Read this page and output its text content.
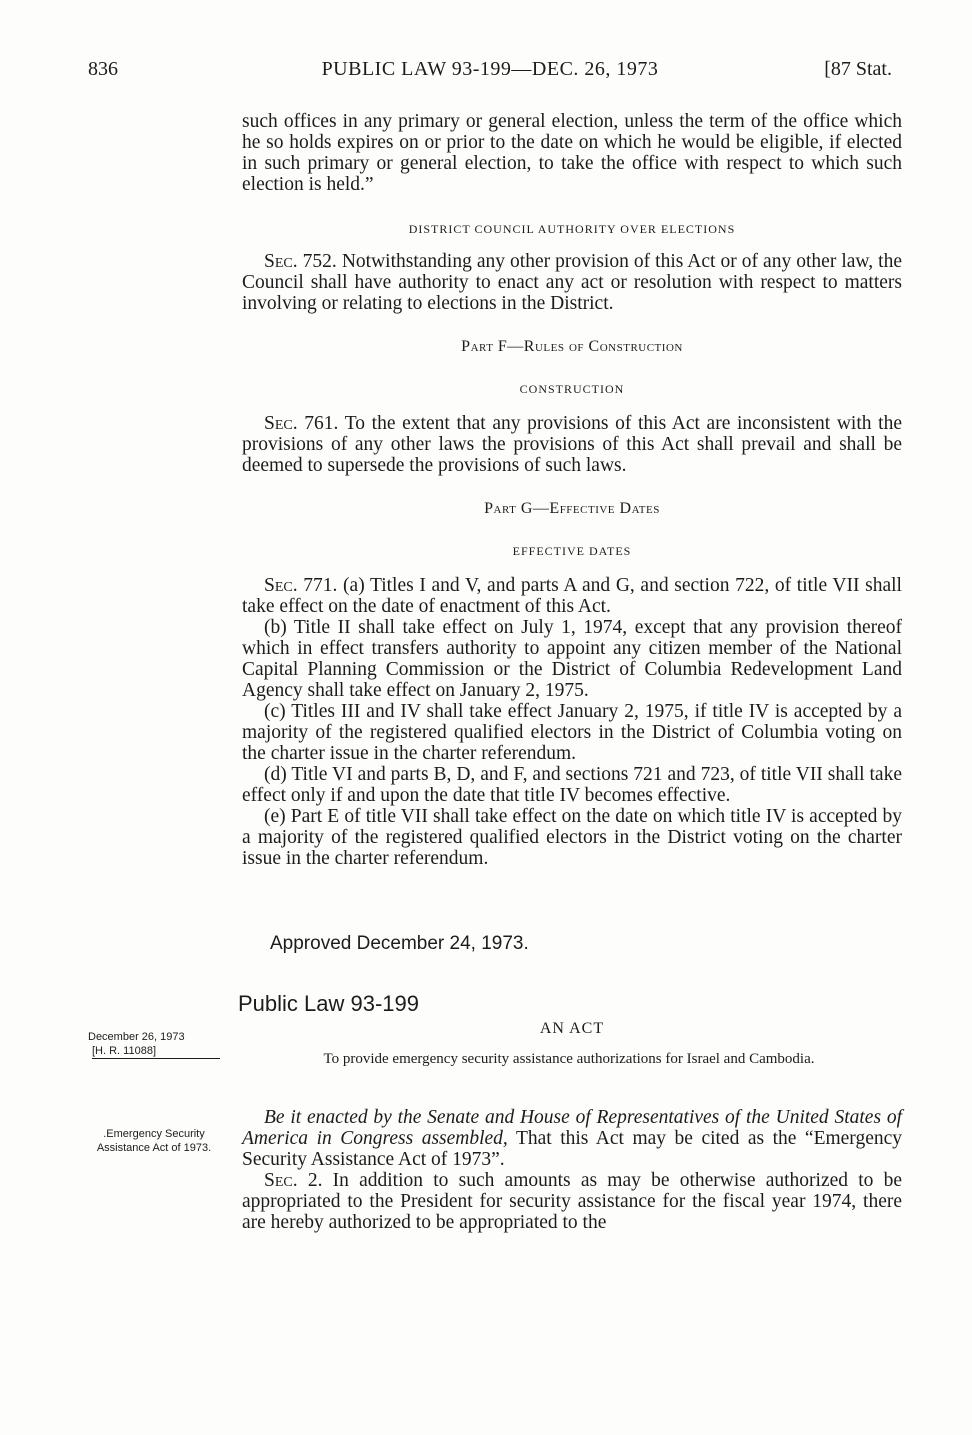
836	PUBLIC LAW 93-199—DEC. 26, 1973	[87 Stat.

such offices in any primary or general election, unless the term of the office which he so holds expires on or prior to the date on which he would be eligible, if elected in such primary or general election, to take the office with respect to which such election is held.”

DISTRICT COUNCIL AUTHORITY OVER ELECTIONS

Sec. 752. Notwithstanding any other provision of this Act or of any other law, the Council shall have authority to enact any act or resolution with respect to matters involving or relating to elections in the District.

Part F—Rules of Construction
CONSTRUCTION

Sec. 761. To the extent that any provisions of this Act are inconsistent with the provisions of any other laws the provisions of this Act shall prevail and shall be deemed to supersede the provisions of such laws.

Part G—Effective Dates
EFFECTIVE DATES

Sec. 771. (a) Titles I and V, and parts A and G, and section 722, of title VII shall take effect on the date of enactment of this Act.

(b) Title II shall take effect on July 1, 1974, except that any provision thereof which in effect transfers authority to appoint any citizen member of the National Capital Planning Commission or the District of Columbia Redevelopment Land Agency shall take effect on January 2, 1975.

(c) Titles III and IV shall take effect January 2, 1975, if title IV is accepted by a majority of the registered qualified electors in the District of Columbia voting on the charter issue in the charter referendum.

(d) Title VI and parts B, D, and F, and sections 721 and 723, of title VII shall take effect only if and upon the date that title IV becomes effective.

(e) Part E of title VII shall take effect on the date on which title IV is accepted by a majority of the registered qualified electors in the District voting on the charter issue in the charter referendum.

Approved December 24, 1973.
Public Law 93-199
December 26, 1973
[H. R. 11088]
AN ACT
To provide emergency security assistance authorizations for Israel and Cambodia.
.Emergency Security Assistance Act of 1973.

Be it enacted by the Senate and House of Representatives of the United States of America in Congress assembled, That this Act may be cited as the “Emergency Security Assistance Act of 1973”.

Sec. 2. In addition to such amounts as may be otherwise authorized to be appropriated to the President for security assistance for the fiscal year 1974, there are hereby authorized to be appropriated to the
